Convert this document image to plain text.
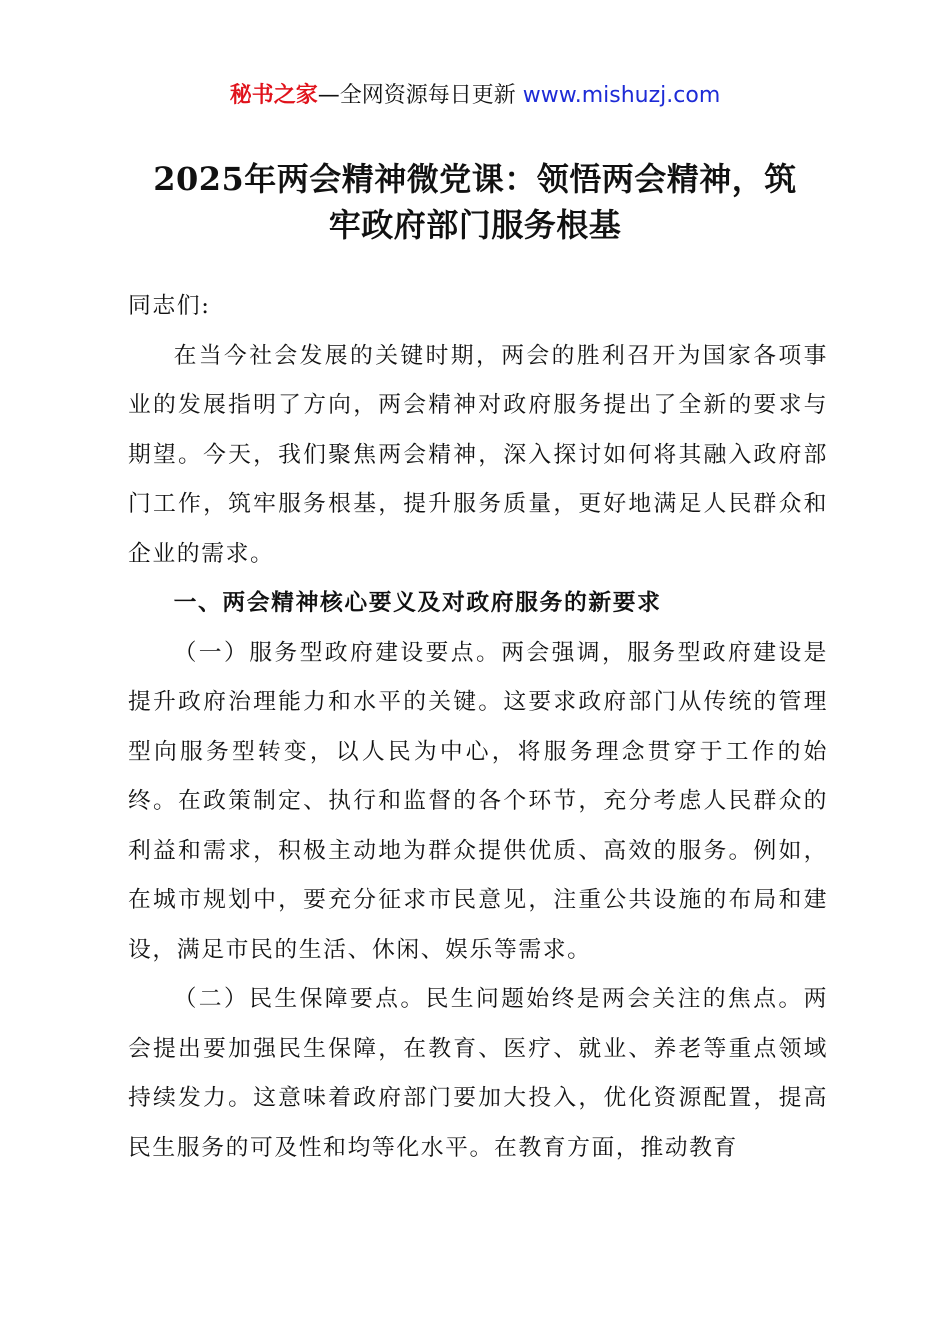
秘书之家—全网资源每日更新 www.mishuzj.com
2025年两会精神微党课：领悟两会精神，筑
牢政府部门服务根基

同志们:

在当今社会发展的关键时期，两会的胜利召开为国家各项事业的发展指明了方向，两会精神对政府服务提出了全新的要求与期望。今天，我们聚焦两会精神，深入探讨如何将其融入政府部门工作，筑牢服务根基，提升服务质量，更好地满足人民群众和企业的需求。

一、两会精神核心要义及对政府服务的新要求

（一）服务型政府建设要点。两会强调，服务型政府建设是提升政府治理能力和水平的关键。这要求政府部门从传统的管理型向服务型转变，以人民为中心，将服务理念贯穿于工作的始终。在政策制定、执行和监督的各个环节，充分考虑人民群众的利益和需求，积极主动地为群众提供优质、高效的服务。例如，在城市规划中，要充分征求市民意见，注重公共设施的布局和建设，满足市民的生活、休闲、娱乐等需求。

（二）民生保障要点。民生问题始终是两会关注的焦点。两会提出要加强民生保障，在教育、医疗、就业、养老等重点领域持续发力。这意味着政府部门要加大投入，优化资源配置，提高民生服务的可及性和均等化水平。在教育方面，推动教育
